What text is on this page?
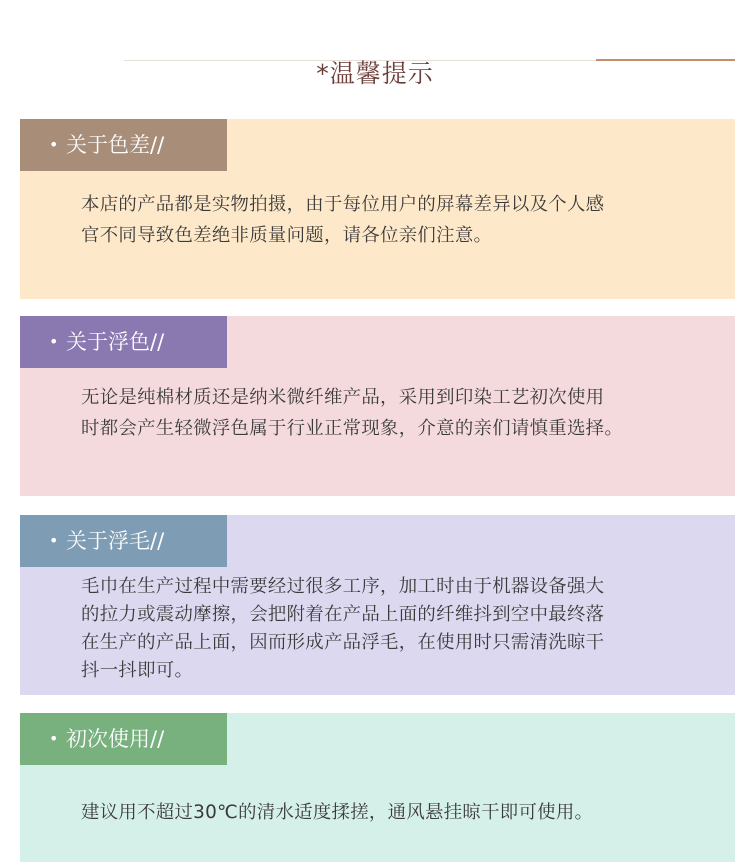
*温馨提示
• 关于色差//
本店的产品都是实物拍摄，由于每位用户的屏幕差异以及个人感
官不同导致色差绝非质量问题，请各位亲们注意。
• 关于浮色//
无论是纯棉材质还是纳米微纤维产品，采用到印染工艺初次使用
时都会产生轻微浮色属于行业正常现象，介意的亲们请慎重选择。
• 关于浮毛//
毛巾在生产过程中需要经过很多工序，加工时由于机器设备强大
的拉力或震动摩擦，会把附着在产品上面的纤维抖到空中最终落
在生产的产品上面，因而形成产品浮毛，在使用时只需清洗晾干
抖一抖即可。
• 初次使用//
建议用不超过30℃的清水适度揉搓，通风悬挂晾干即可使用。
